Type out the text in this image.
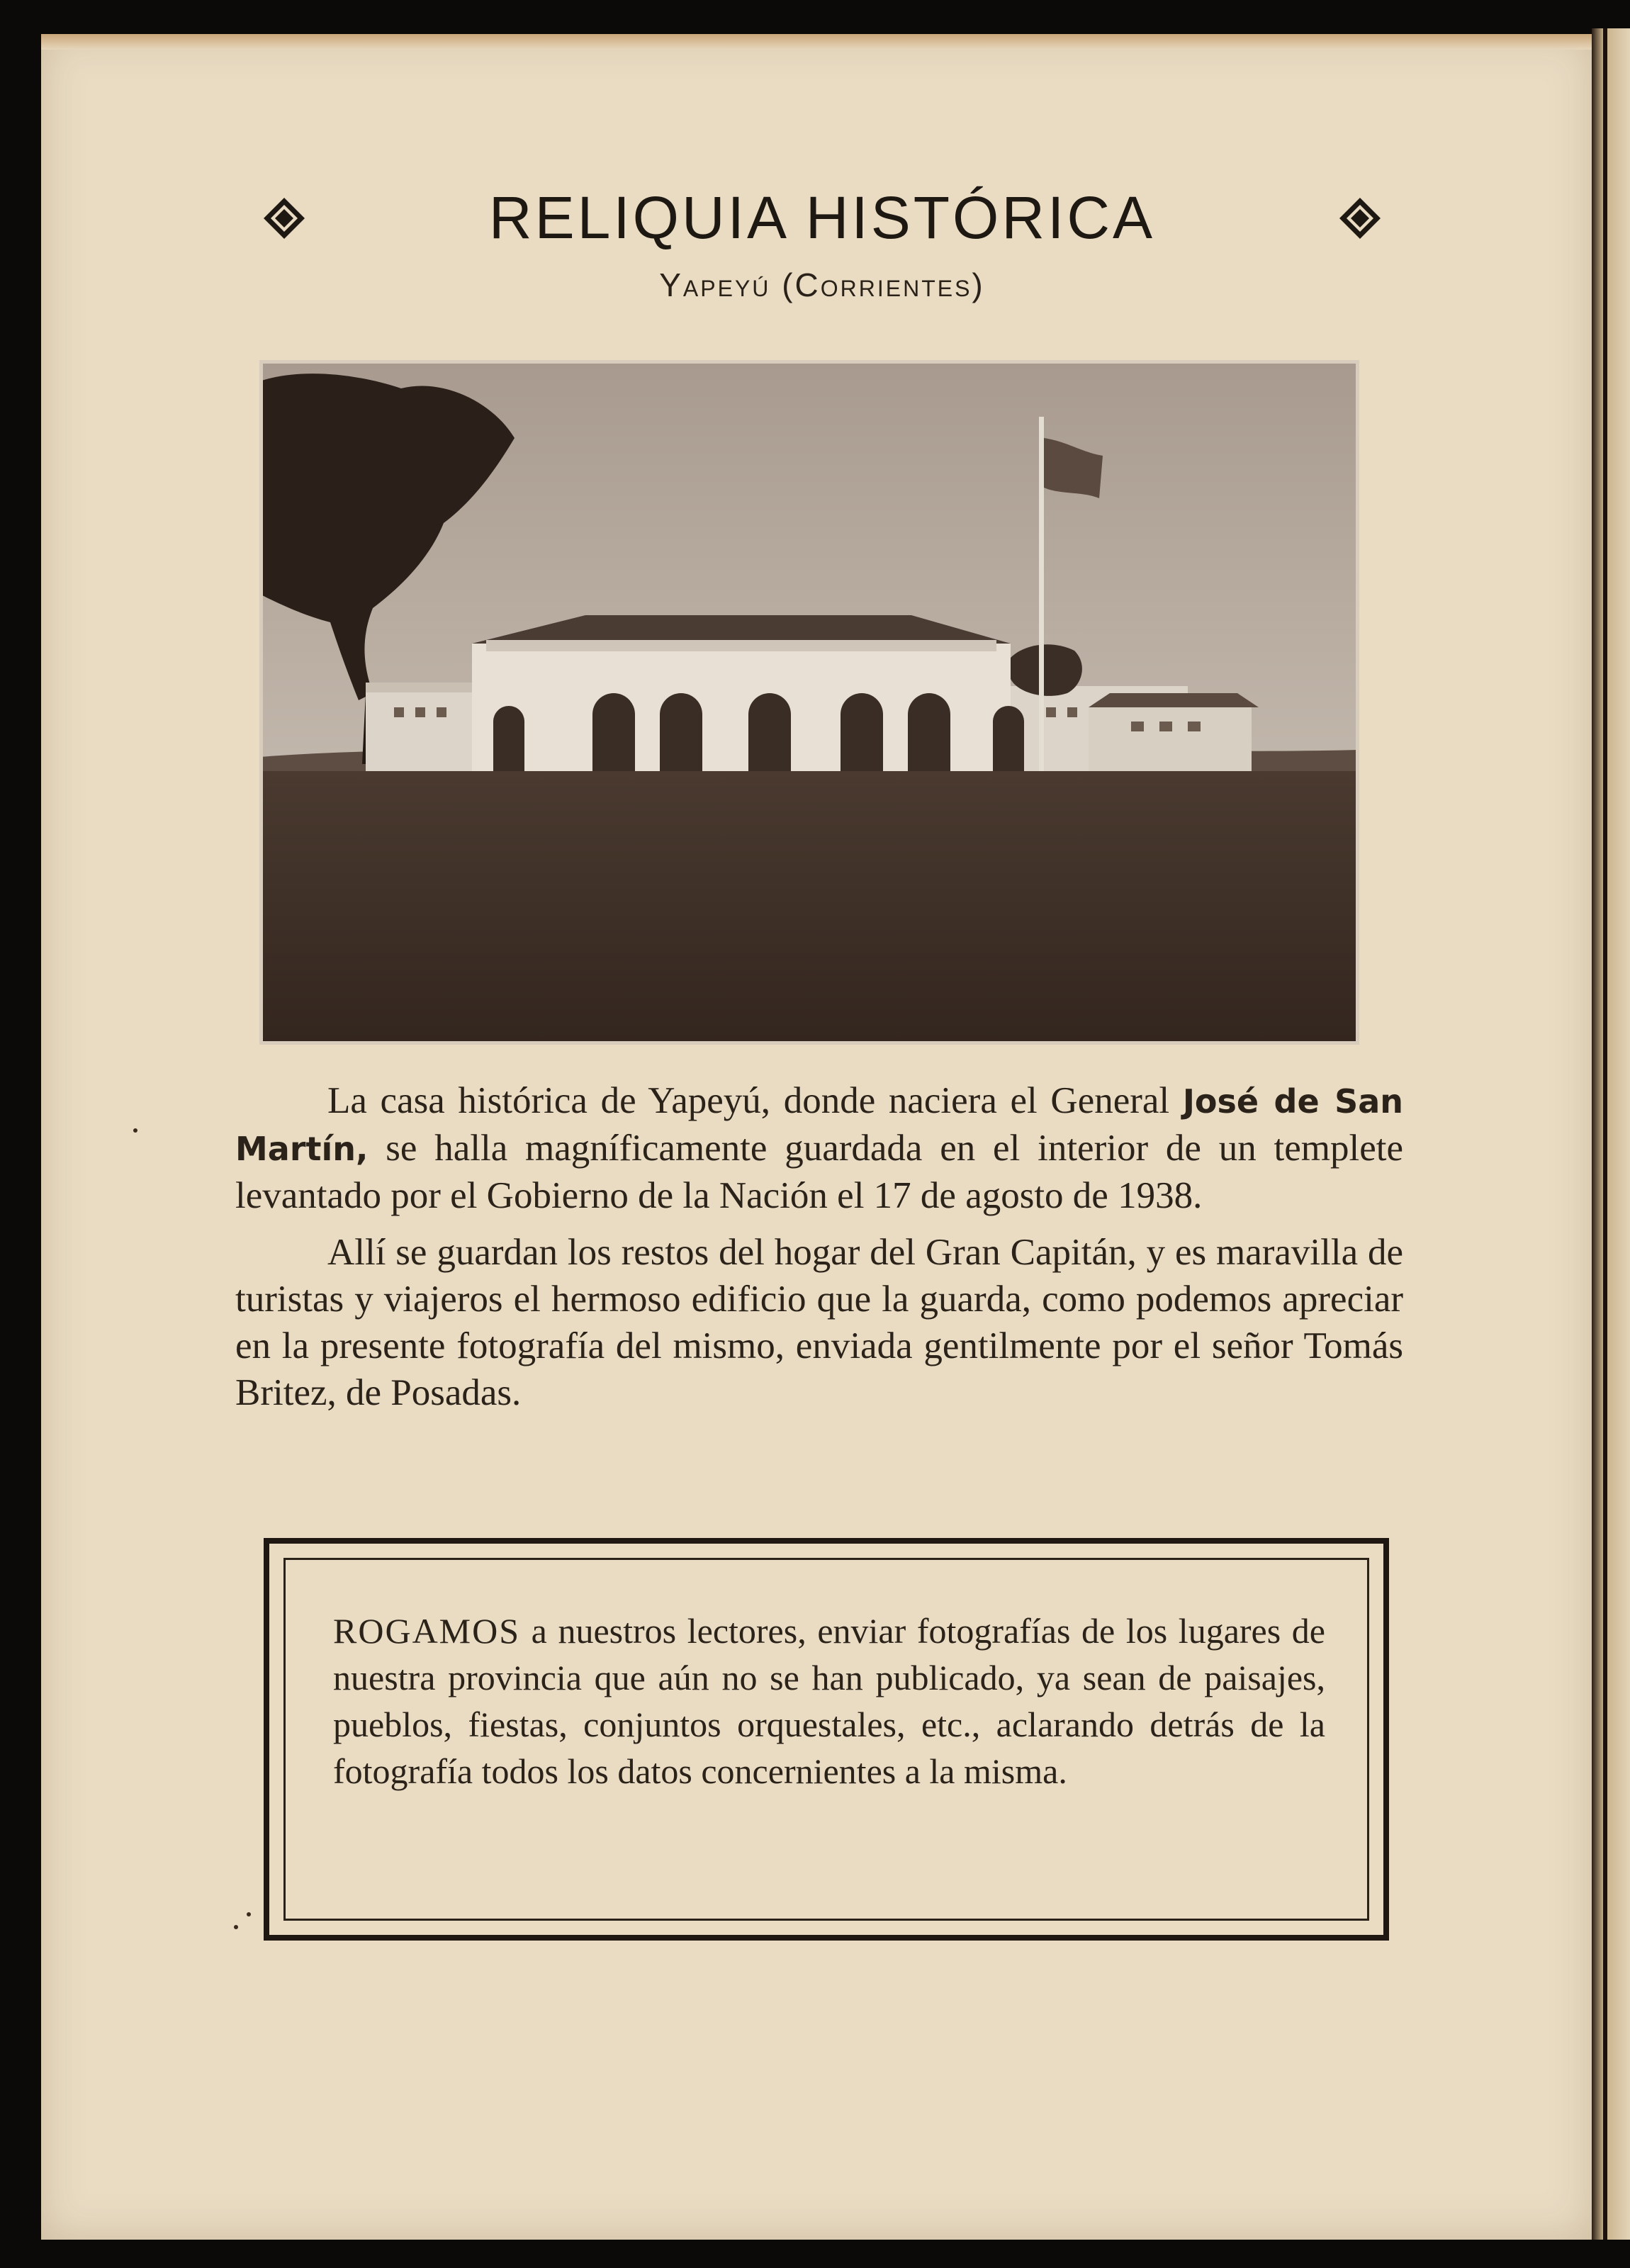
RELIQUIA HISTÓRICA
Yapeyú (Corrientes)

La casa histórica de Yapeyú, donde naciera el General José de San Martín, se halla magníficamente guardada en el interior de un templete levantado por el Gobierno de la Nación el 17 de agosto de 1938.

Allí se guardan los restos del hogar del Gran Capitán, y es maravilla de turistas y viajeros el hermoso edificio que la guarda, como podemos apreciar en la presente fotografía del mismo, enviada gentilmente por el señor Tomás Britez, de Posadas.

ROGAMOS a nuestros lectores, enviar fotografías de los lugares de nuestra provincia que aún no se han publicado, ya sean de paisajes, pueblos, fiestas, conjuntos orquestales, etc., aclarando detrás de la fotografía todos los datos concernientes a la misma.
